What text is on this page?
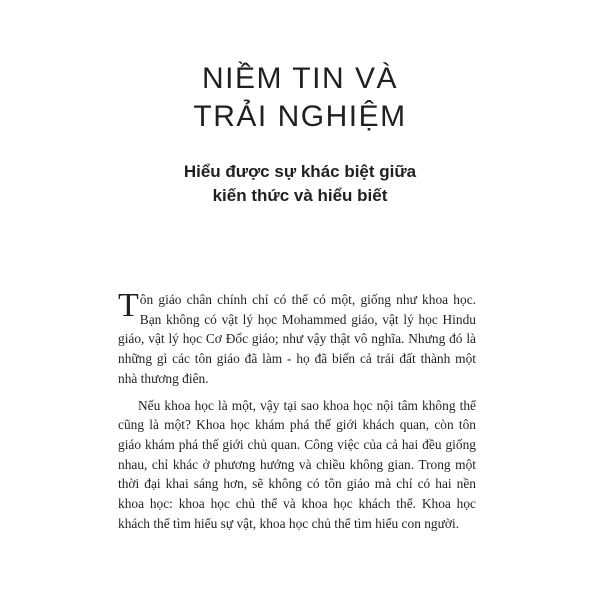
NIỀM TIN VÀ
TRẢI NGHIỆM
Hiểu được sự khác biệt giữa
kiến thức và hiểu biết

Tôn giáo chân chính chỉ có thể có một, giống như khoa học. Bạn không có vật lý học Mohammed giáo, vật lý học Hindu giáo, vật lý học Cơ Đốc giáo; như vậy thật vô nghĩa. Nhưng đó là những gì các tôn giáo đã làm - họ đã biến cả trái đất thành một nhà thương điên.

Nếu khoa học là một, vậy tại sao khoa học nội tâm không thể cũng là một? Khoa học khám phá thế giới khách quan, còn tôn giáo khám phá thế giới chủ quan. Công việc của cả hai đều giống nhau, chỉ khác ở phương hướng và chiều không gian. Trong một thời đại khai sáng hơn, sẽ không có tôn giáo mà chỉ có hai nền khoa học: khoa học chủ thể và khoa học khách thể. Khoa học khách thể tìm hiểu sự vật, khoa học chủ thể tìm hiểu con người.
